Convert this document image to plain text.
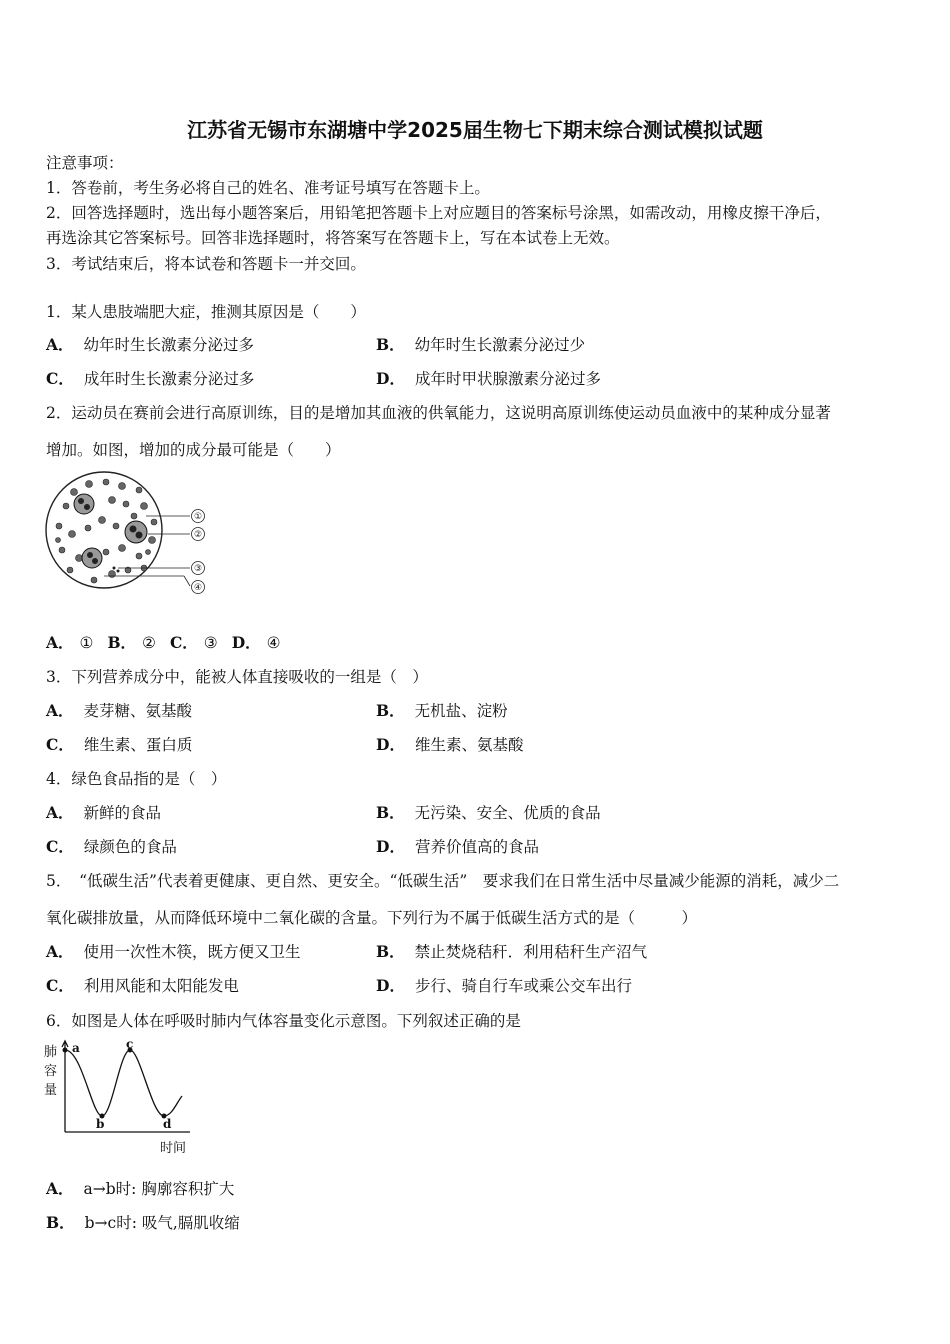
江苏省无锡市东湖塘中学2025届生物七下期末综合测试模拟试题
注意事项：
1．答卷前，考生务必将自己的姓名、准考证号填写在答题卡上。
2．回答选择题时，选出每小题答案后，用铅笔把答题卡上对应题目的答案标号涂黑，如需改动，用橡皮擦干净后，
再选涂其它答案标号。回答非选择题时，将答案写在答题卡上，写在本试卷上无效。
3．考试结束后，将本试卷和答题卡一并交回。
1．某人患肢端肥大症，推测其原因是（　　）
A． 幼年时生长激素分泌过多	B． 幼年时生长激素分泌过少
C． 成年时生长激素分泌过多	D． 成年时甲状腺激素分泌过多
2．运动员在赛前会进行高原训练，目的是增加其血液的供氧能力，这说明高原训练使运动员血液中的某种成分显著
增加。如图，增加的成分最可能是（　　）
①
②
③
④
A． ① B． ② C． ③ D． ④
3．下列营养成分中，能被人体直接吸收的一组是（　）
A． 麦芽糖、氨基酸	B． 无机盐、淀粉
C． 维生素、蛋白质	D． 维生素、氨基酸
4．绿色食品指的是（　）
A． 新鲜的食品	B． 无污染、安全、优质的食品
C． 绿颜色的食品	D． 营养价值高的食品
5．　“低碳生活”代表着更健康、更自然、更安全。“低碳生活”　要求我们在日常生活中尽量减少能源的消耗，减少二
氧化碳排放量，从而降低环境中二氧化碳的含量。下列行为不属于低碳生活方式的是（　　　）
A． 使用一次性木筷，既方便又卫生	B． 禁止焚烧秸秆．利用秸秆生产沼气
C． 利用风能和太阳能发电	D． 步行、骑自行车或乘公交车出行
6．如图是人体在呼吸时肺内气体容量变化示意图。下列叙述正确的是
肺
容
量
时间
a
b
c
d
A． a→b时: 胸廓容积扩大
B． b→c时: 吸气,膈肌收缩
